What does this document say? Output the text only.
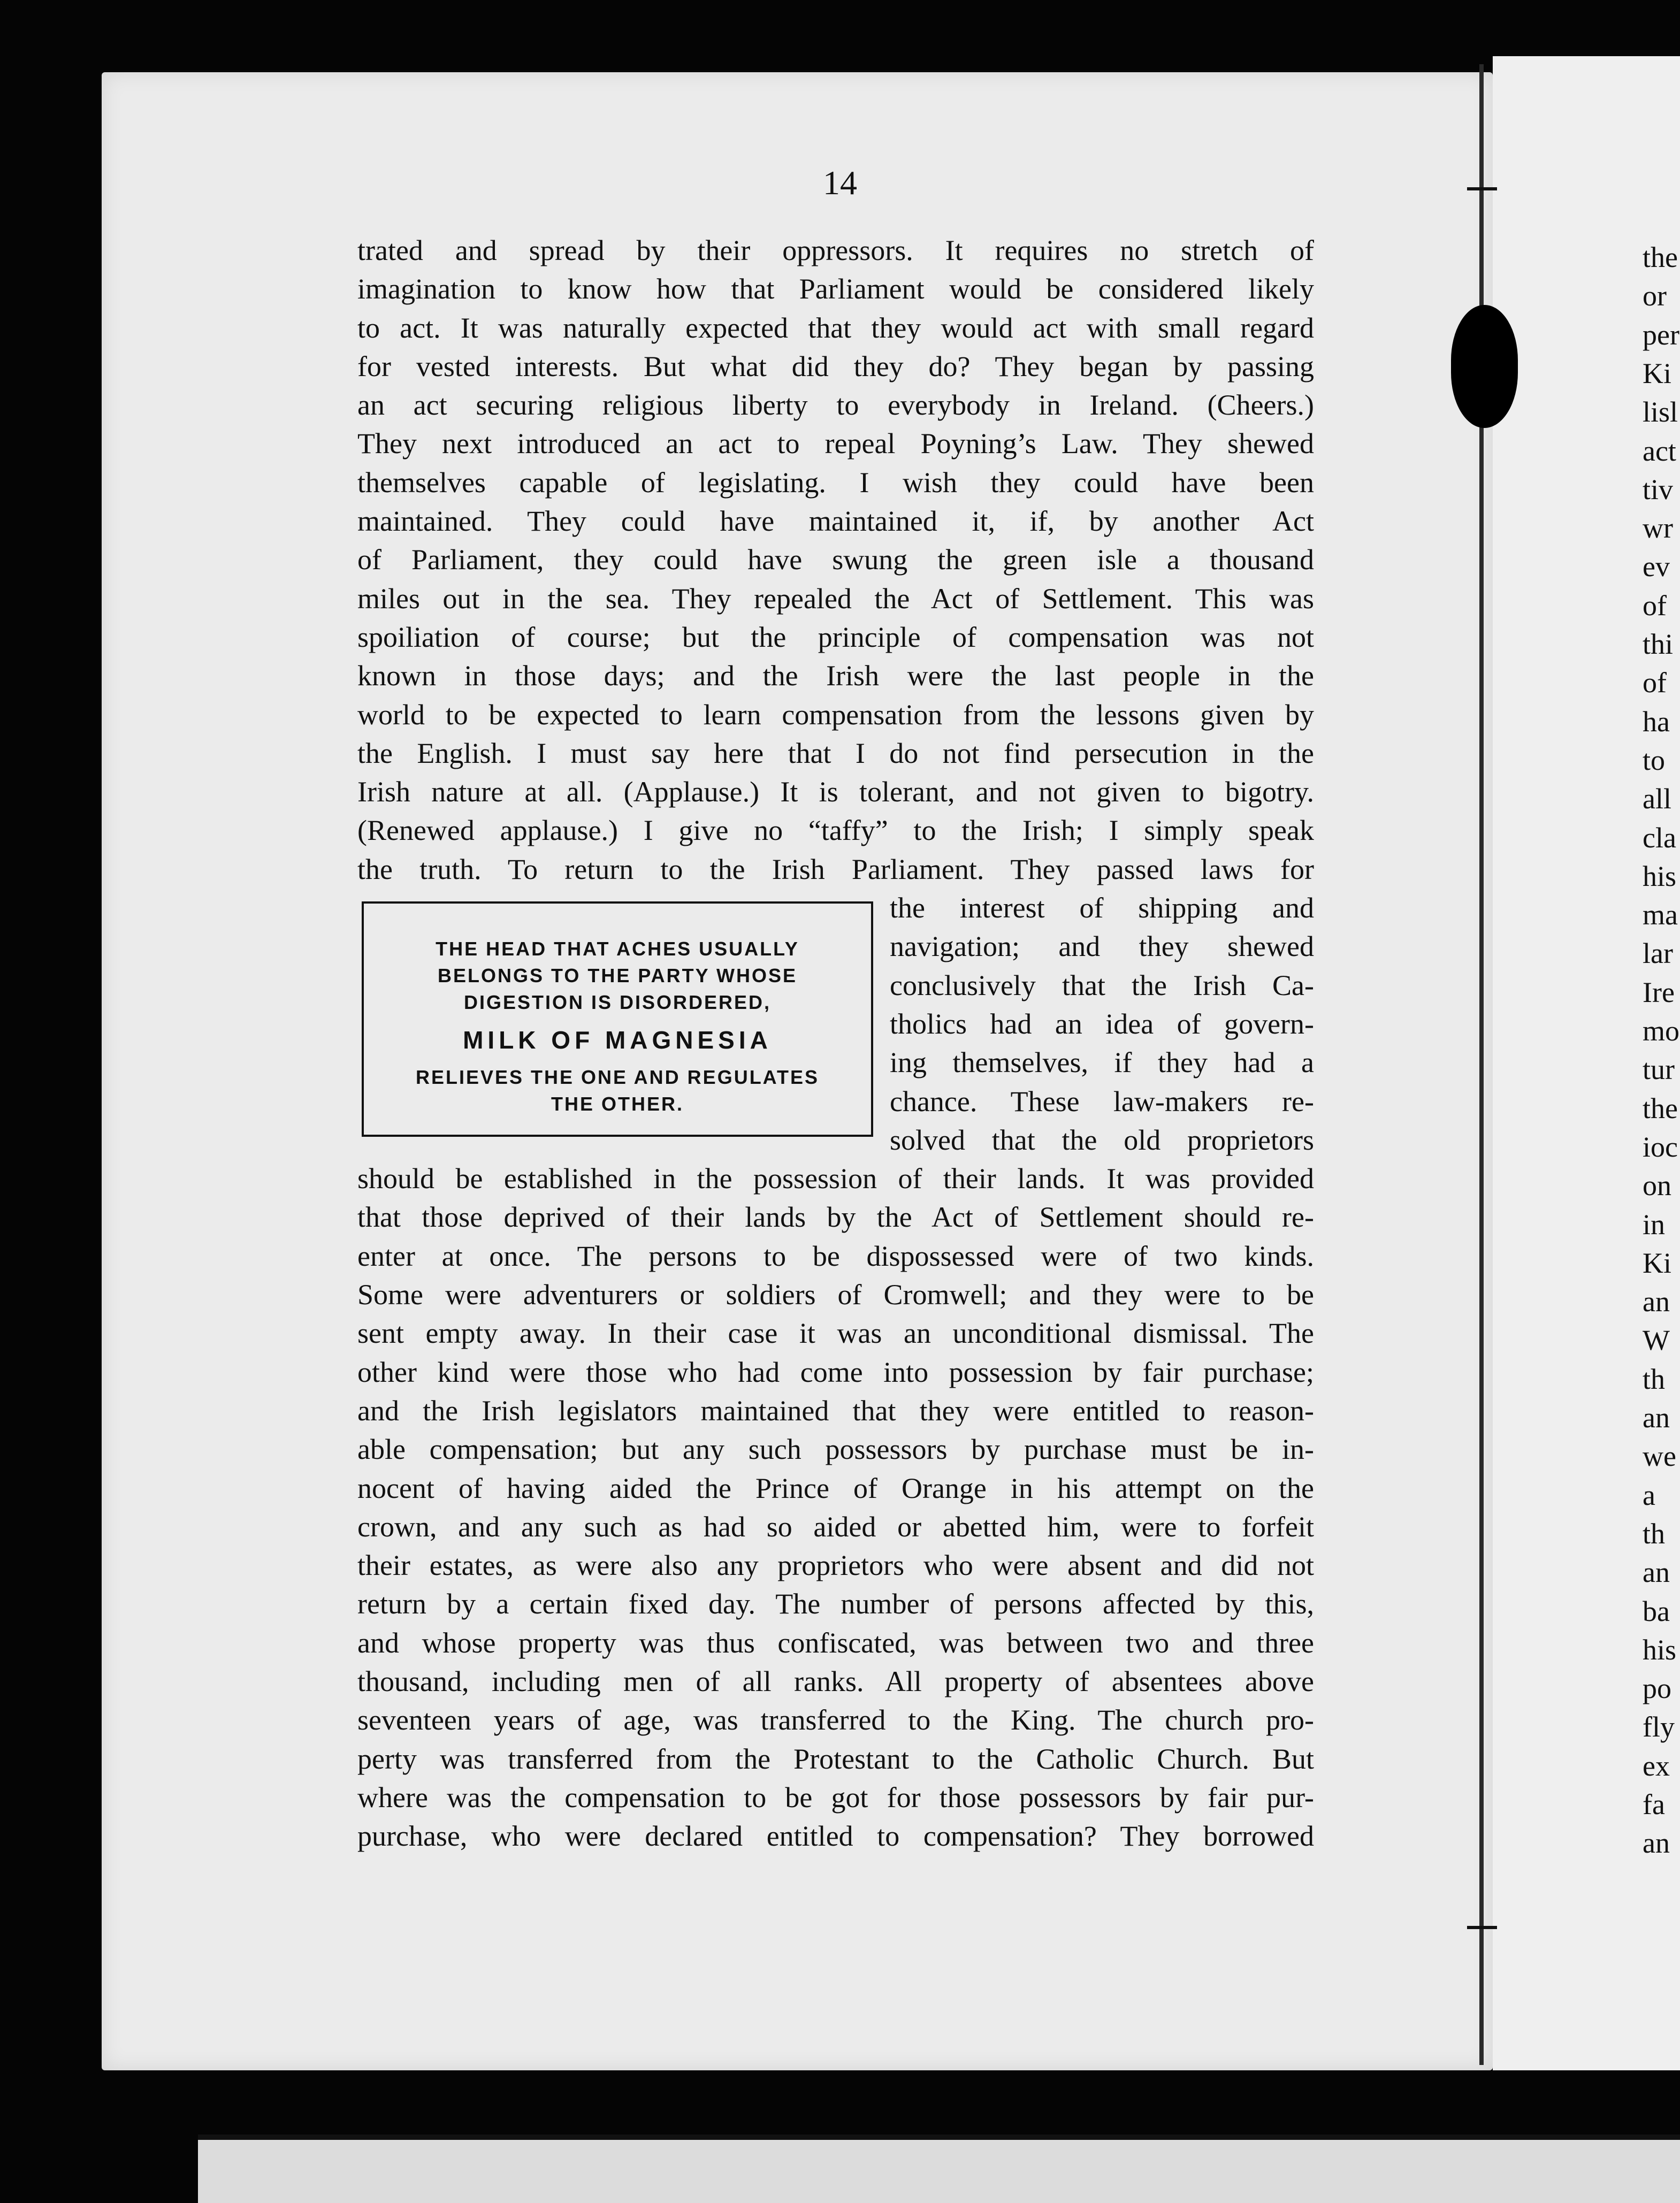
14
trated and spread by their oppressors. It requires no stretch of
imagination to know how that Parliament would be considered likely
to act. It was naturally expected that they would act with small regard
for vested interests. But what did they do? They began by passing
an act securing religious liberty to everybody in Ireland. (Cheers.)
They next introduced an act to repeal Poyning’s Law. They shewed
themselves capable of legislating. I wish they could have been
maintained. They could have maintained it, if, by another Act
of Parliament, they could have swung the green isle a thousand
miles out in the sea. They repealed the Act of Settlement. This was
spoiliation of course; but the principle of compensation was not
known in those days; and the Irish were the last people in the
world to be expected to learn compensation from the lessons given by
the English. I must say here that I do not find persecution in the
Irish nature at all. (Applause.) It is tolerant, and not given to bigotry.
(Renewed applause.) I give no “taffy” to the Irish; I simply speak
the truth. To return to the Irish Parliament. They passed laws for
the interest of shipping and
navigation; and they shewed
conclusively that the Irish Ca-
tholics had an idea of govern-
ing themselves, if they had a
chance. These law-makers re-
solved that the old proprietors
should be established in the possession of their lands. It was provided
that those deprived of their lands by the Act of Settlement should re-
enter at once. The persons to be dispossessed were of two kinds.
Some were adventurers or soldiers of Cromwell; and they were to be
sent empty away. In their case it was an unconditional dismissal. The
other kind were those who had come into possession by fair purchase;
and the Irish legislators maintained that they were entitled to reason-
able compensation; but any such possessors by purchase must be in-
nocent of having aided the Prince of Orange in his attempt on the
crown, and any such as had so aided or abetted him, were to forfeit
their estates, as were also any proprietors who were absent and did not
return by a certain fixed day. The number of persons affected by this,
and whose property was thus confiscated, was between two and three
thousand, including men of all ranks. All property of absentees above
seventeen years of age, was transferred to the King. The church pro-
perty was transferred from the Protestant to the Catholic Church. But
where was the compensation to be got for those possessors by fair pur-
purchase, who were declared entitled to compensation? They borrowed
THE HEAD THAT ACHES USUALLY
BELONGS TO THE PARTY WHOSE
DIGESTION IS DISORDERED,
MILK OF MAGNESIA
RELIEVES THE ONE AND REGULATES
THE OTHER.
the
or
per
Ki
lisl
act
tiv
wr
ev
of
thi
of
ha
to
all
cla
his
ma
lar
Ire
mo
tur
the
ioc
on
in
Ki
an
W
th
an
we
a
th
an
ba
his
po
fly
ex
fa
an
